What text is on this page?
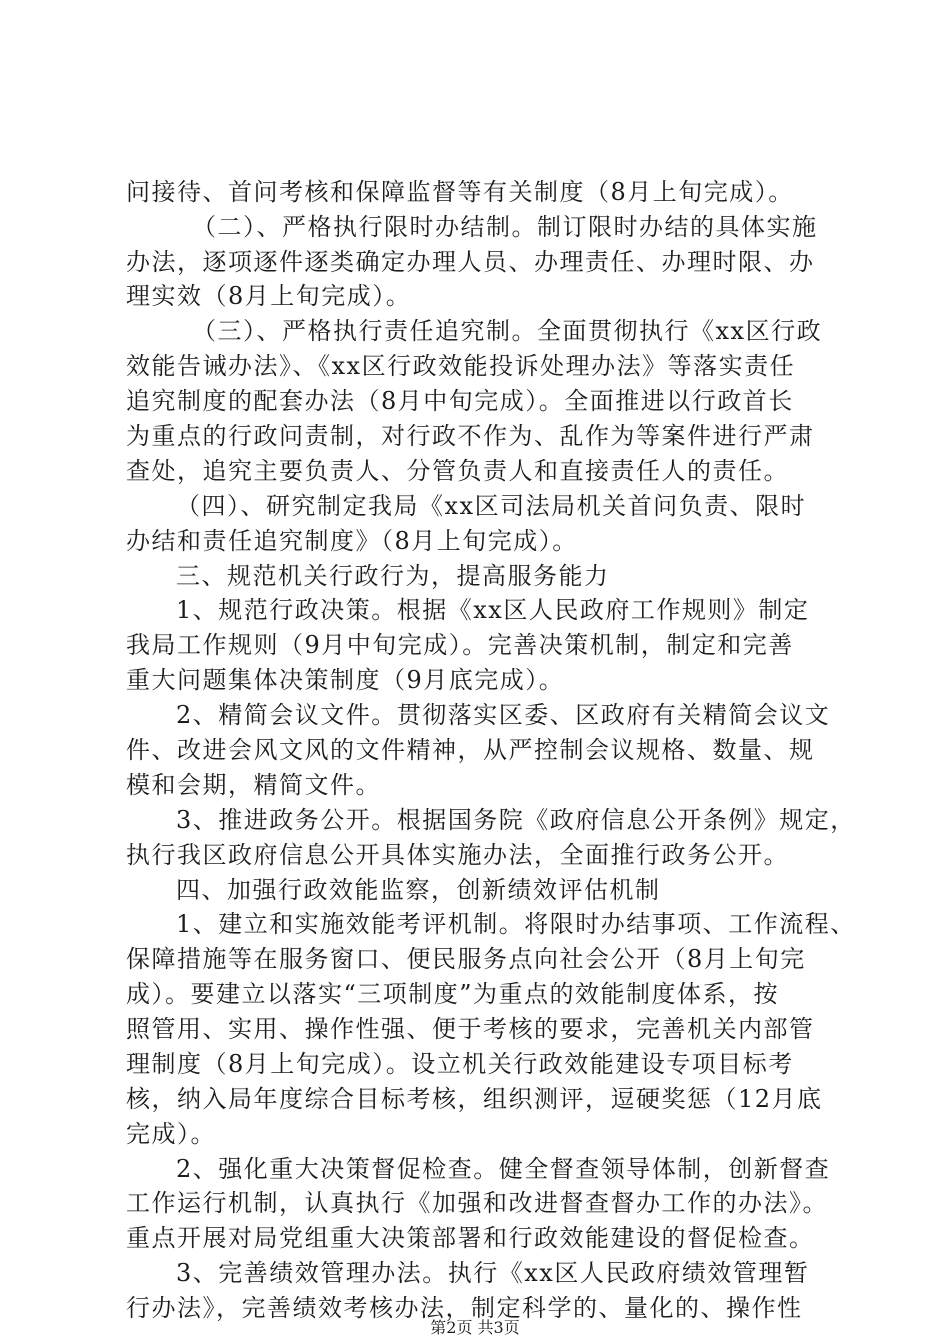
问接待、首问考核和保障监督等有关制度（8月上旬完成）。
（二）、严格执行限时办结制。制订限时办结的具体实施
办法，逐项逐件逐类确定办理人员、办理责任、办理时限、办
理实效（8月上旬完成）。
（三）、严格执行责任追究制。全面贯彻执行《xx区行政
效能告诫办法》、《xx区行政效能投诉处理办法》等落实责任
追究制度的配套办法（8月中旬完成）。全面推进以行政首长
为重点的行政问责制，对行政不作为、乱作为等案件进行严肃
查处，追究主要负责人、分管负责人和直接责任人的责任。
（四）、研究制定我局《xx区司法局机关首问负责、限时
办结和责任追究制度》（8月上旬完成）。
三、规范机关行政行为，提高服务能力
1、规范行政决策。根据《xx区人民政府工作规则》制定
我局工作规则（9月中旬完成）。完善决策机制，制定和完善
重大问题集体决策制度（9月底完成）。
2、精简会议文件。贯彻落实区委、区政府有关精简会议文
件、改进会风文风的文件精神，从严控制会议规格、数量、规
模和会期，精简文件。
3、推进政务公开。根据国务院《政府信息公开条例》规定，
执行我区政府信息公开具体实施办法，全面推行政务公开。
四、加强行政效能监察，创新绩效评估机制
1、建立和实施效能考评机制。将限时办结事项、工作流程、
保障措施等在服务窗口、便民服务点向社会公开（8月上旬完
成）。要建立以落实“三项制度”为重点的效能制度体系，按
照管用、实用、操作性强、便于考核的要求，完善机关内部管
理制度（8月上旬完成）。设立机关行政效能建设专项目标考
核，纳入局年度综合目标考核，组织测评，逗硬奖惩（12月底
完成）。
2、强化重大决策督促检查。健全督查领导体制，创新督查
工作运行机制，认真执行《加强和改进督查督办工作的办法》。
重点开展对局党组重大决策部署和行政效能建设的督促检查。
3、完善绩效管理办法。执行《xx区人民政府绩效管理暂
行办法》，完善绩效考核办法，制定科学的、量化的、操作性
第2页 共3页
